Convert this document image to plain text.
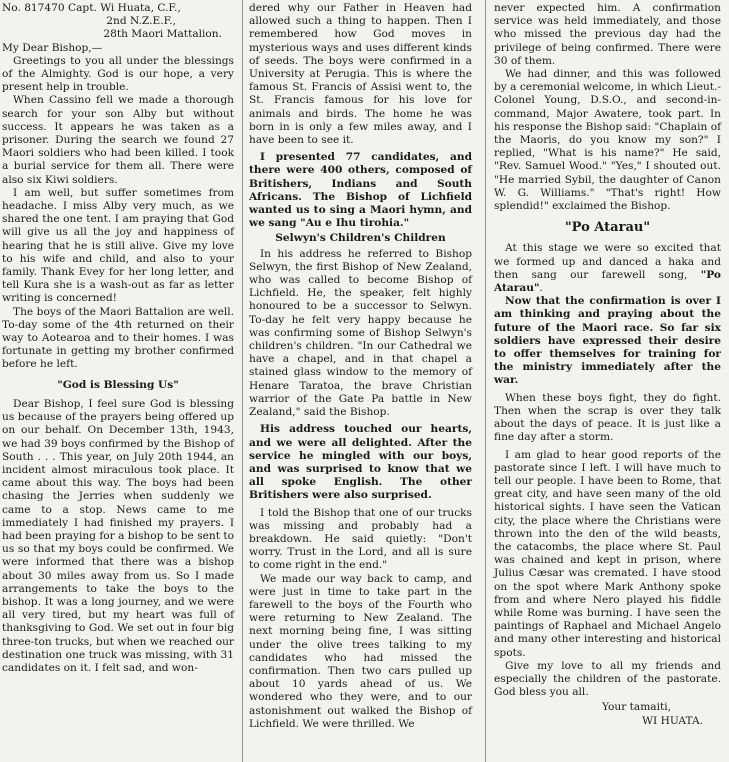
No. 817470 Capt. Wi Huata, C.F.,
2nd N.Z.E.F.,
28th Maori Mattalion.
My Dear Bishop,—

Greetings to you all under the blessings of the Almighty. God is our hope, a very present help in trouble.

When Cassino fell we made a thorough search for your son Alby but without success. It appears he was taken as a prisoner. During the search we found 27 Maori soldiers who had been killed. I took a burial service for them all. There were also six Kiwi soldiers.

I am well, but suffer sometimes from headache. I miss Alby very much, as we shared the one tent. I am praying that God will give us all the joy and happiness of hearing that he is still alive. Give my love to his wife and child, and also to your family. Thank Evey for her long letter, and tell Kura she is a wash-out as far as letter writing is concerned!

The boys of the Maori Battalion are well. To-day some of the 4th returned on their way to Aotearoa and to their homes. I was fortunate in getting my brother confirmed before he left.

"God is Blessing Us"

Dear Bishop, I feel sure God is blessing us because of the prayers being offered up on our behalf. On December 13th, 1943, we had 39 boys confirmed by the Bishop of South . . . This year, on July 20th 1944, an incident almost miraculous took place. It came about this way. The boys had been chasing the Jerries when suddenly we came to a stop. News came to me immediately I had finished my prayers. I had been praying for a bishop to be sent to us so that my boys could be confirmed. We were informed that there was a bishop about 30 miles away from us. So I made arrangements to take the boys to the bishop. It was a long journey, and we were all very tired, but my heart was full of thanksgiving to God. We set out in four big three-ton trucks, but when we reached our destination one truck was missing, with 31 candidates on it. I felt sad, and won-

dered why our Father in Heaven had allowed such a thing to happen. Then I remembered how God moves in mysterious ways and uses different kinds of seeds. The boys were confirmed in a University at Perugia. This is where the famous St. Francis of Assisi went to, the St. Francis famous for his love for animals and birds. The home he was born in is only a few miles away, and I have been to see it.

I presented 77 candidates, and there were 400 others, composed of Britishers, Indians and South Africans. The Bishop of Lichfield wanted us to sing a Maori hymn, and we sang "Au e Ihu tirohia."

Selwyn's Children's Children

In his address he referred to Bishop Selwyn, the first Bishop of New Zealand, who was called to become Bishop of Lichfield. He, the speaker, felt highly honoured to be a successor to Selwyn. To-day he felt very happy because he was confirming some of Bishop Selwyn's children's children. "In our Cathedral we have a chapel, and in that chapel a stained glass window to the memory of Henare Taratoa, the brave Christian warrior of the Gate Pa battle in New Zealand," said the Bishop.

His address touched our hearts, and we were all delighted. After the service he mingled with our boys, and was surprised to know that we all spoke English. The other Britishers were also surprised.

I told the Bishop that one of our trucks was missing and probably had a breakdown. He said quietly: "Don't worry. Trust in the Lord, and all is sure to come right in the end."

We made our way back to camp, and were just in time to take part in the farewell to the boys of the Fourth who were returning to New Zealand. The next morning being fine, I was sitting under the olive trees talking to my candidates who had missed the confirmation. Then two cars pulled up about 10 yards ahead of us. We wondered who they were, and to our astonishment out walked the Bishop of Lichfield. We were thrilled. We

never expected him. A confirmation service was held immediately, and those who missed the previous day had the privilege of being confirmed. There were 30 of them.

We had dinner, and this was followed by a ceremonial welcome, in which Lieut.-Colonel Young, D.S.O., and second-in-command, Major Awatere, took part. In his response the Bishop said: "Chaplain of the Maoris, do you know my son?" I replied, "What is his name?" He said, "Rev. Samuel Wood." "Yes," I shouted out. "He married Sybil, the daughter of Canon W. G. Williams." "That's right! How splendid!" exclaimed the Bishop.

"Po Atarau"

At this stage we were so excited that we formed up and danced a haka and then sang our farewell song, "Po Atarau".

Now that the confirmation is over I am thinking and praying about the future of the Maori race. So far six soldiers have expressed their desire to offer themselves for training for the ministry immediately after the war.

When these boys fight, they do fight. Then when the scrap is over they talk about the days of peace. It is just like a fine day after a storm.

I am glad to hear good reports of the pastorate since I left. I will have much to tell our people. I have been to Rome, that great city, and have seen many of the old historical sights. I have seen the Vatican city, the place where the Christians were thrown into the den of the wild beasts, the catacombs, the place where St. Paul was chained and kept in prison, where Julius Cæsar was cremated. I have stood on the spot where Mark Anthony spoke from and where Nero played his fiddle while Rome was burning. I have seen the paintings of Raphael and Michael Angelo and many other interesting and historical spots.

Give my love to all my friends and especially the children of the pastorate. God bless you all.

Your tamaiti,
WI HUATA.
